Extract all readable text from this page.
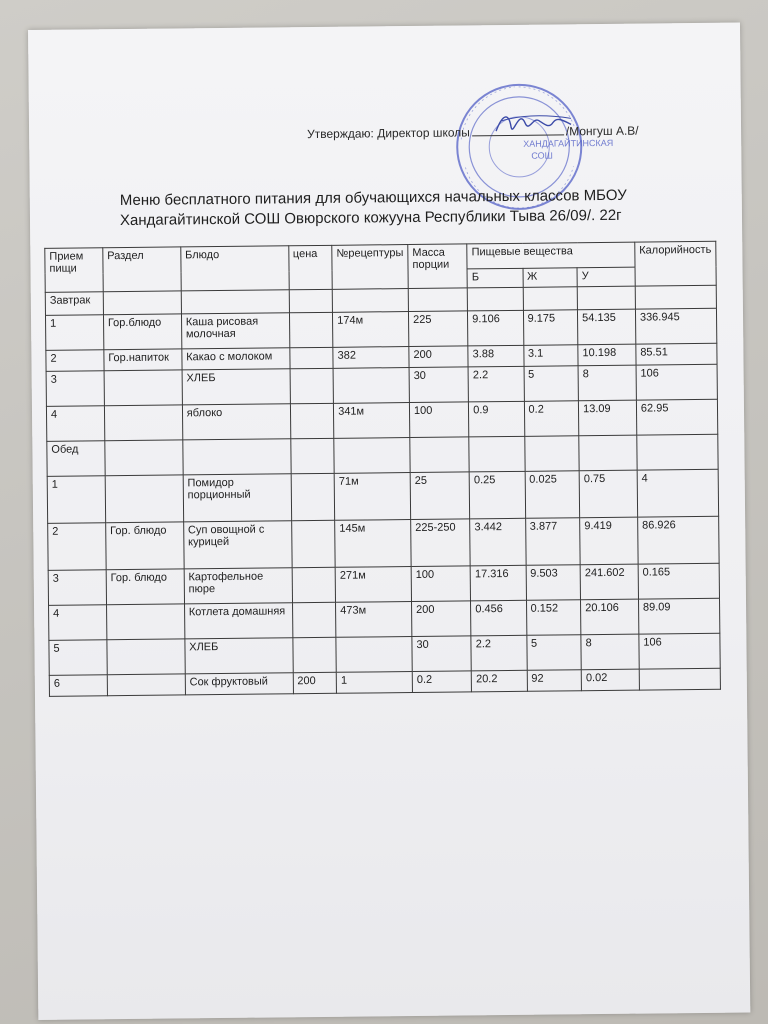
ХАНДАГАЙТИНСКАЯ
СОШ
Утверждаю: Директор школы	/Монгуш А.В/
Меню бесплатного питания для обучающихся начальных классов МБОУ
Хандагайтинской СОШ Овюрского кожууна Республики Тыва 26/09/. 22г
Прием пищи	Раздел	Блюдо	цена	№рецептуры	Масса порции	Пищевые вещества			Калорийность
						Б	Ж	У	
Завтрак									
1	Гор.блюдо	Каша рисовая молочная		174м	225	9.106	9.175	54.135	336.945
2	Гор.напиток	Какао с молоком		382	200	3.88	3.1	10.198	85.51
3		ХЛЕБ			30	2.2	5	8	106
4		яблоко		341м	100	0.9	0.2	13.09	62.95
Обед									
1		Помидор порционный		71м	25	0.25	0.025	0.75	4
2	Гор. блюдо	Суп овощной с курицей		145м	225-250	3.442	3.877	9.419	86.926
3	Гор. блюдо	Картофельное пюре		271м	100	17.316	9.503	241.602	0.165
4		Котлета домашняя		473м	200	0.456	0.152	20.106	89.09
5		ХЛЕБ			30	2.2	5	8	106
6		Сок фруктовый	200	1	0.2	20.2	92	0.02	
